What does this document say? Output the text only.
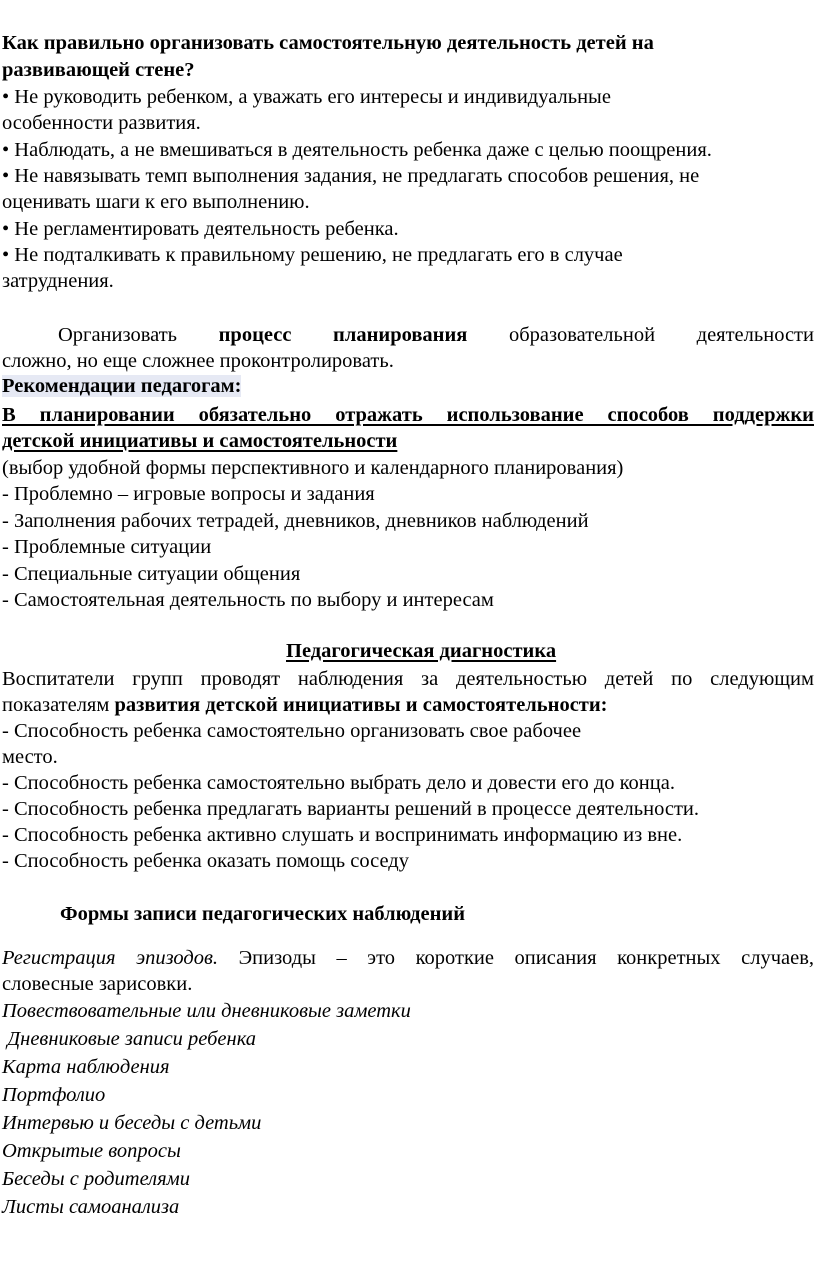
Как правильно организовать самостоятельную деятельность детей на
развивающей стене?
• Не руководить ребенком, а уважать его интересы и индивидуальные
особенности развития.
• Наблюдать, а не вмешиваться в деятельность ребенка даже с целью поощрения.
• Не навязывать темп выполнения задания, не предлагать способов решения, не
оценивать шаги к его выполнению.
• Не регламентировать деятельность ребенка.
• Не подталкивать к правильному решению, не предлагать его в случае
затруднения.
Организовать процесс планирования образовательной деятельности
сложно, но еще сложнее проконтролировать.
Рекомендации педагогам:
В планировании обязательно отражать использование способов поддержки
детской инициативы и самостоятельности
(выбор удобной формы перспективного и календарного планирования)
- Проблемно – игровые вопросы и задания
- Заполнения рабочих тетрадей, дневников, дневников наблюдений
- Проблемные ситуации
- Специальные ситуации общения
- Самостоятельная деятельность по выбору и интересам
Педагогическая диагностика
Воспитатели групп проводят наблюдения за деятельностью детей по следующим
показателям развития детской инициативы и самостоятельности:
- Способность ребенка самостоятельно организовать свое рабочее
место.
- Способность ребенка самостоятельно выбрать дело и довести его до конца.
- Способность ребенка предлагать варианты решений в процессе деятельности.
- Способность ребенка активно слушать и воспринимать информацию из вне.
- Способность ребенка оказать помощь соседу
Формы записи педагогических наблюдений
Регистрация эпизодов. Эпизоды – это короткие описания конкретных случаев,
словесные зарисовки.
Повествовательные или дневниковые заметки
Дневниковые записи ребенка
Карта наблюдения
Портфолио
Интервью и беседы с детьми
Открытые вопросы
Беседы с родителями
Листы самоанализа
